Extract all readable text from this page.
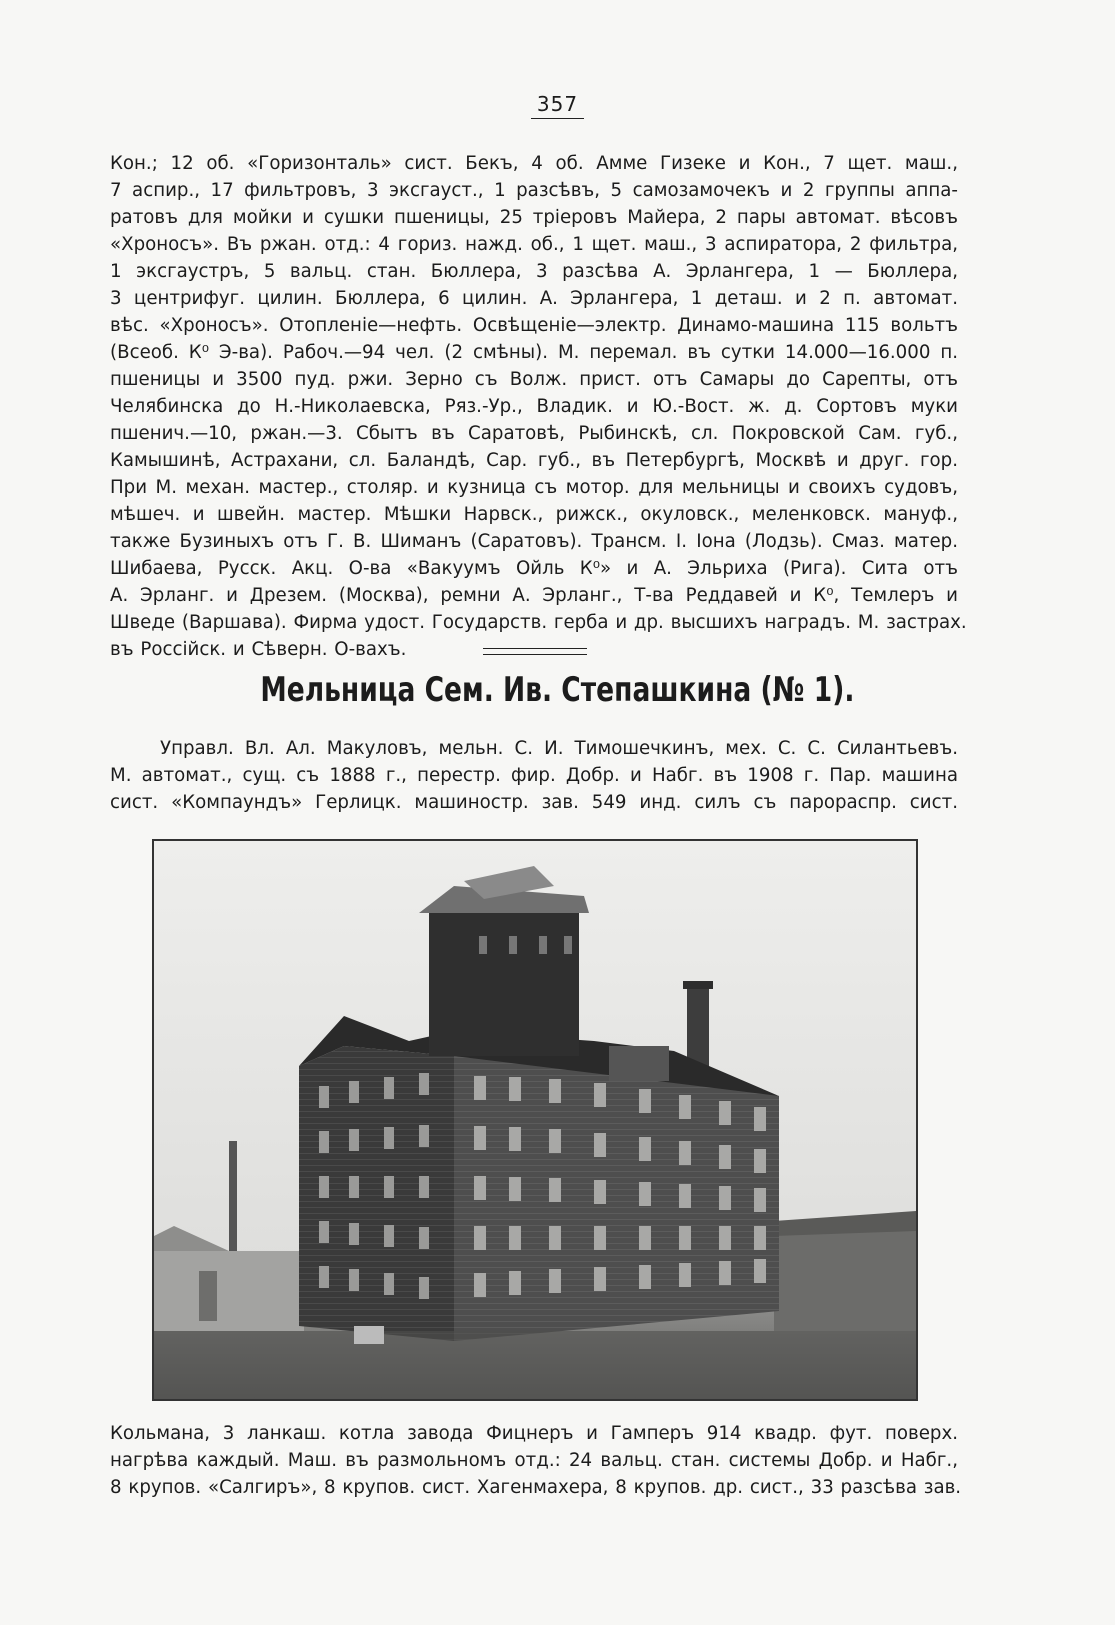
357
Кон.; 12 об. «Горизонталь» сист. Бекъ, 4 об. Амме Гизеке и Кон., 7 щет. маш.,
7 аспир., 17 фильтровъ, 3 эксгауст., 1 разсѣвъ, 5 самозамочекъ и 2 группы аппа-
ратовъ для мойки и сушки пшеницы, 25 тріеровъ Майера, 2 пары автомат. вѣсовъ
«Хроносъ». Въ ржан. отд.: 4 гориз. нажд. об., 1 щет. маш., 3 аспиратора, 2 фильтра,
1 эксгаустръ, 5 вальц. стан. Бюллера, 3 разсѣва А. Эрлангера, 1 — Бюллера,
3 центрифуг. цилин. Бюллера, 6 цилин. А. Эрлангера, 1 деташ. и 2 п. автомат.
вѣс. «Хроносъ». Отопленіе—нефть. Освѣщеніе—электр. Динамо-машина 115 вольтъ
(Всеоб. К⁰ Э-ва). Рабоч.—94 чел. (2 смѣны). М. перемал. въ сутки 14.000—16.000 п.
пшеницы и 3500 пуд. ржи. Зерно съ Волж. прист. отъ Самары до Сарепты, отъ
Челябинска до Н.-Николаевска, Ряз.-Ур., Владик. и Ю.-Вост. ж. д. Сортовъ муки
пшенич.—10, ржан.—3. Сбытъ въ Саратовѣ, Рыбинскѣ, сл. Покровской Сам. губ.,
Камышинѣ, Астрахани, сл. Баландѣ, Сар. губ., въ Петербургѣ, Москвѣ и друг. гор.
При М. механ. мастер., столяр. и кузница съ мотор. для мельницы и своихъ судовъ,
мѣшеч. и швейн. мастер. Мѣшки Нарвск., рижск., окуловск., меленковск. мануф.,
также Бузиныхъ отъ Г. В. Шиманъ (Саратовъ). Трансм. І. Іона (Лодзь). Смаз. матер.
Шибаева, Русск. Акц. О-ва «Вакуумъ Ойль К⁰» и А. Эльриха (Рига). Сита отъ
А. Эрланг. и Дрезем. (Москва), ремни А. Эрланг., Т-ва Реддавей и К⁰, Темлеръ и
Шведе (Варшава). Фирма удост. Государств. герба и др. высшихъ наградъ. М. застрах.
въ Россійск. и Сѣверн. О-вахъ.
Мельница Сем. Ив. Степашкина (№ 1).
Управл. Вл. Ал. Макуловъ, мельн. С. И. Тимошечкинъ, мех. С. С. Силантьевъ.
М. автомат., сущ. съ 1888 г., перестр. фир. Добр. и Набг. въ 1908 г. Пар. машина
сист. «Компаундъ» Герлицк. машиностр. зав. 549 инд. силъ съ парораспр. сист.
Кольмана, 3 ланкаш. котла завода Фицнеръ и Гамперъ 914 квадр. фут. поверх.
нагрѣва каждый. Маш. въ размольномъ отд.: 24 вальц. стан. системы Добр. и Набг.,
8 крупов. «Салгиръ», 8 крупов. сист. Хагенмахера, 8 крупов. др. сист., 33 разсѣва зав.
